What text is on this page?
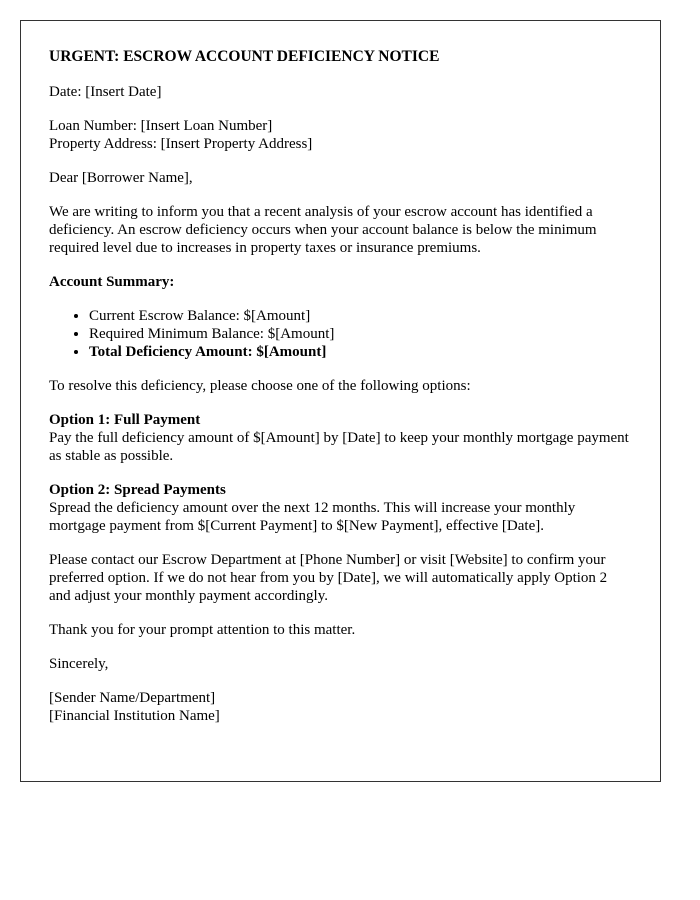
URGENT: ESCROW ACCOUNT DEFICIENCY NOTICE

Date: [Insert Date]

Loan Number: [Insert Loan Number]
Property Address: [Insert Property Address]

Dear [Borrower Name],

We are writing to inform you that a recent analysis of your escrow account has identified a deficiency. An escrow deficiency occurs when your account balance is below the minimum required level due to increases in property taxes or insurance premiums.

Account Summary:

• Current Escrow Balance: $[Amount]
• Required Minimum Balance: $[Amount]
• Total Deficiency Amount: $[Amount]

To resolve this deficiency, please choose one of the following options:

Option 1: Full Payment
Pay the full deficiency amount of $[Amount] by [Date] to keep your monthly mortgage payment as stable as possible.

Option 2: Spread Payments
Spread the deficiency amount over the next 12 months. This will increase your monthly mortgage payment from $[Current Payment] to $[New Payment], effective [Date].

Please contact our Escrow Department at [Phone Number] or visit [Website] to confirm your preferred option. If we do not hear from you by [Date], we will automatically apply Option 2 and adjust your monthly payment accordingly.

Thank you for your prompt attention to this matter.

Sincerely,

[Sender Name/Department]
[Financial Institution Name]
